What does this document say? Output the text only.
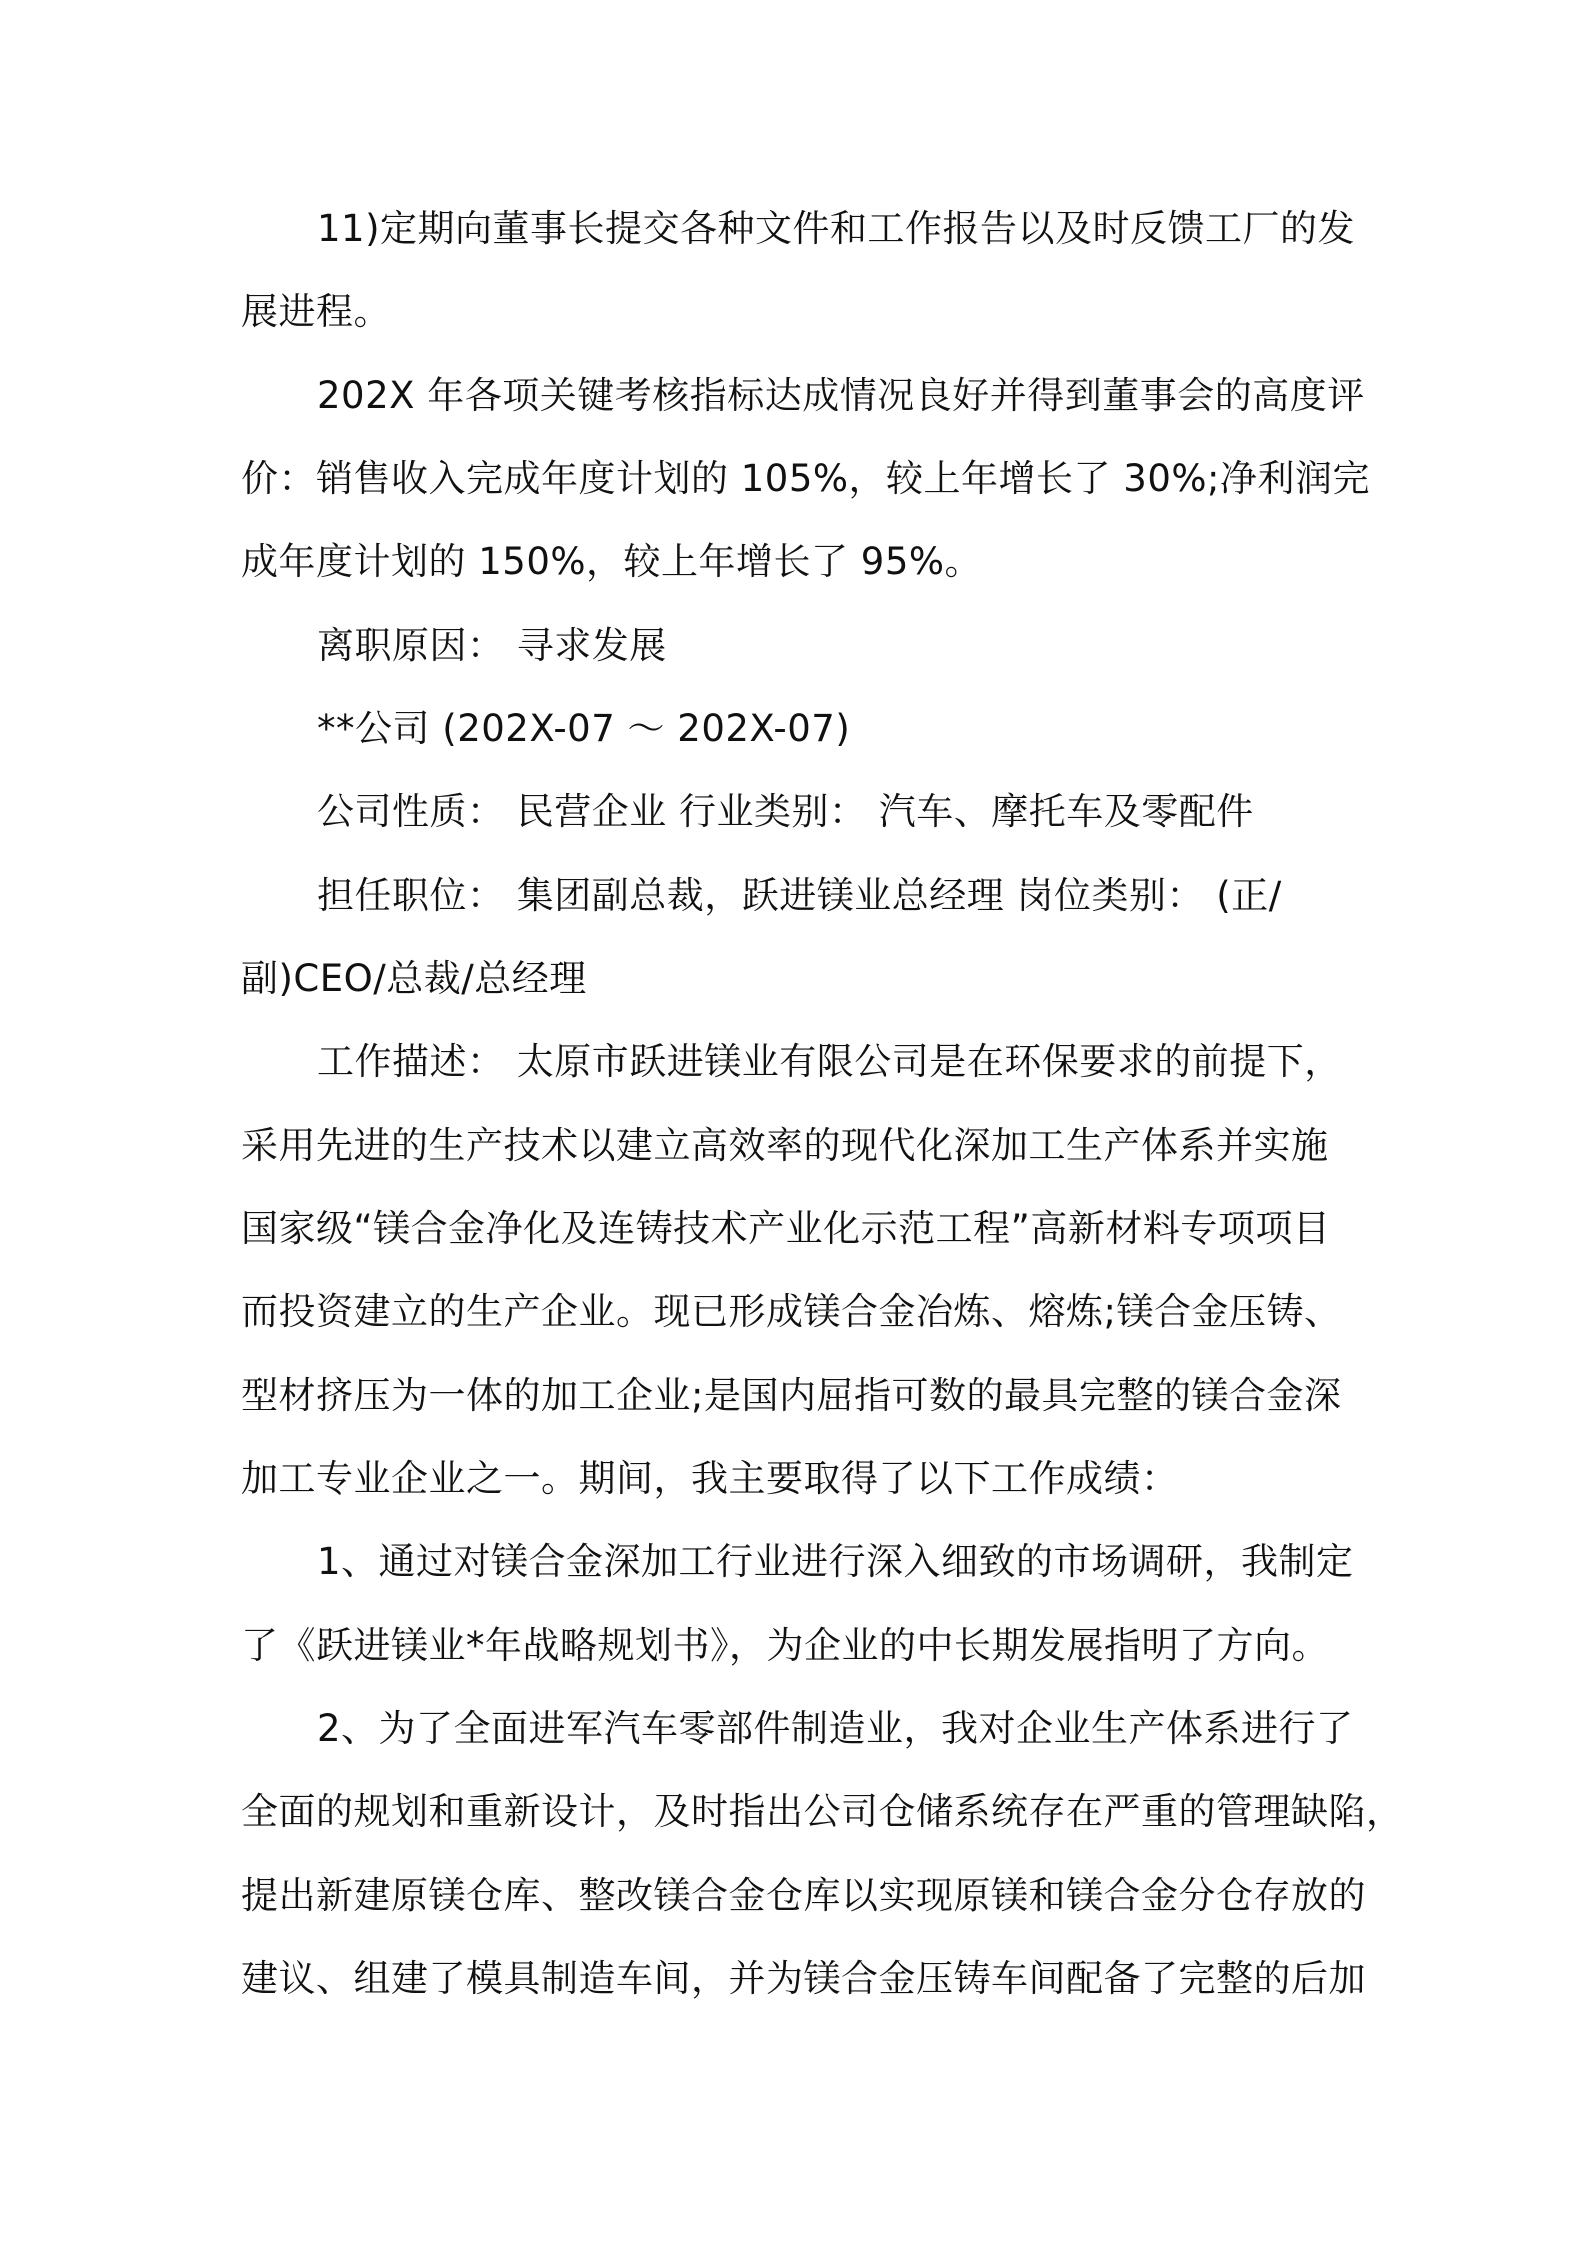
11)定期向董事长提交各种文件和工作报告以及时反馈工厂的发
展进程。
202X 年各项关键考核指标达成情况良好并得到董事会的高度评
价：销售收入完成年度计划的 105%，较上年增长了 30%;净利润完
成年度计划的 150%，较上年增长了 95%。
离职原因： 寻求发展
**公司 (202X-07 ～ 202X-07)
公司性质： 民营企业 行业类别： 汽车、摩托车及零配件
担任职位： 集团副总裁，跃进镁业总经理 岗位类别： (正/
副)CEO/总裁/总经理
工作描述： 太原市跃进镁业有限公司是在环保要求的前提下，
采用先进的生产技术以建立高效率的现代化深加工生产体系并实施
国家级“镁合金净化及连铸技术产业化示范工程”高新材料专项项目
而投资建立的生产企业。现已形成镁合金冶炼、熔炼;镁合金压铸、
型材挤压为一体的加工企业;是国内屈指可数的最具完整的镁合金深
加工专业企业之一。期间，我主要取得了以下工作成绩：
1、通过对镁合金深加工行业进行深入细致的市场调研，我制定
了《跃进镁业*年战略规划书》，为企业的中长期发展指明了方向。
2、为了全面进军汽车零部件制造业，我对企业生产体系进行了
全面的规划和重新设计，及时指出公司仓储系统存在严重的管理缺陷，
提出新建原镁仓库、整改镁合金仓库以实现原镁和镁合金分仓存放的
建议、组建了模具制造车间，并为镁合金压铸车间配备了完整的后加
